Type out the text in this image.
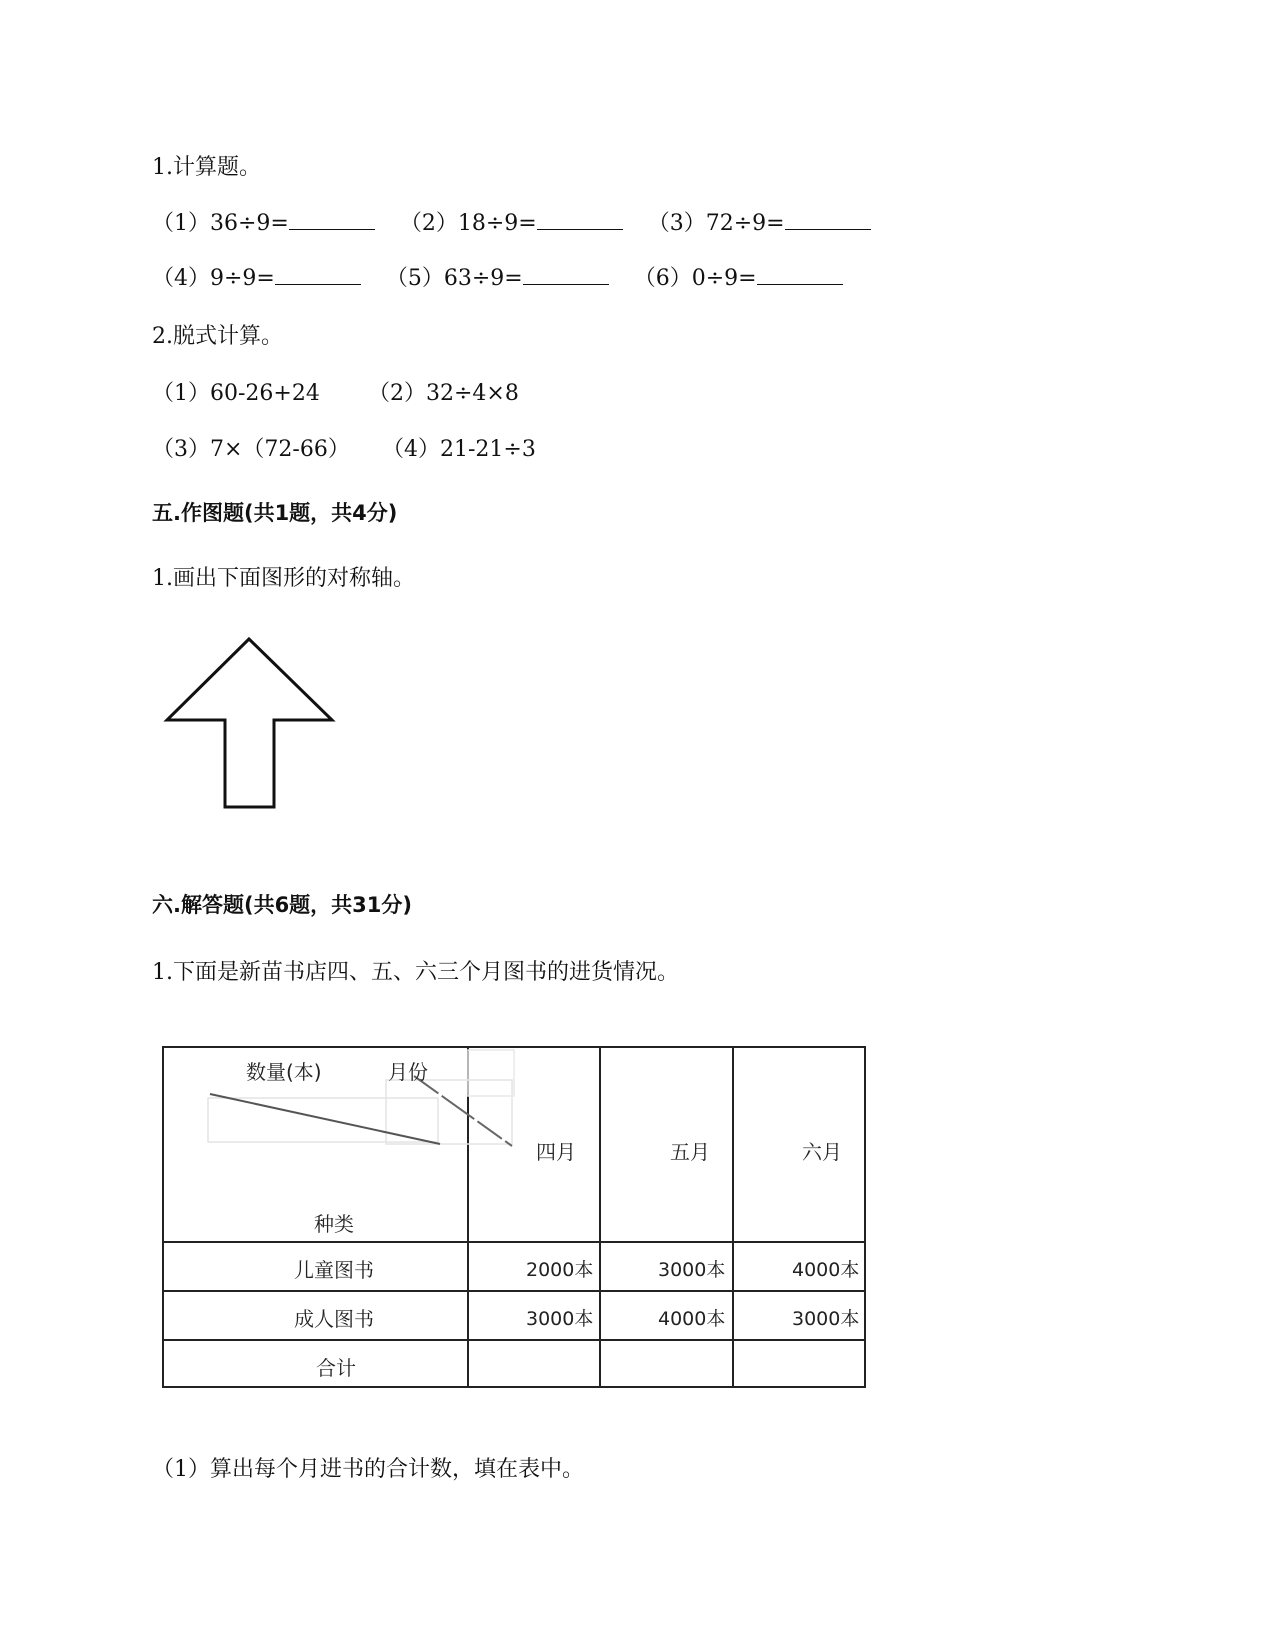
1.计算题。
（1）36÷9=	（2）18÷9=	（3）72÷9=
（4）9÷9=	（5）63÷9=	（6）0÷9=
2.脱式计算。
（1）60-26+24 （2）32÷4×8
（3）7×（72-66） （4）21-21÷3
五.作图题(共1题，共4分)
1.画出下面图形的对称轴。
六.解答题(共6题，共31分)
1.下面是新苗书店四、五、六三个月图书的进货情况。
数量(本)	月份
种类
四月	五月	六月
儿童图书	2000本	3000本	4000本
成人图书	3000本	4000本	3000本
合计
（1）算出每个月进书的合计数，填在表中。
